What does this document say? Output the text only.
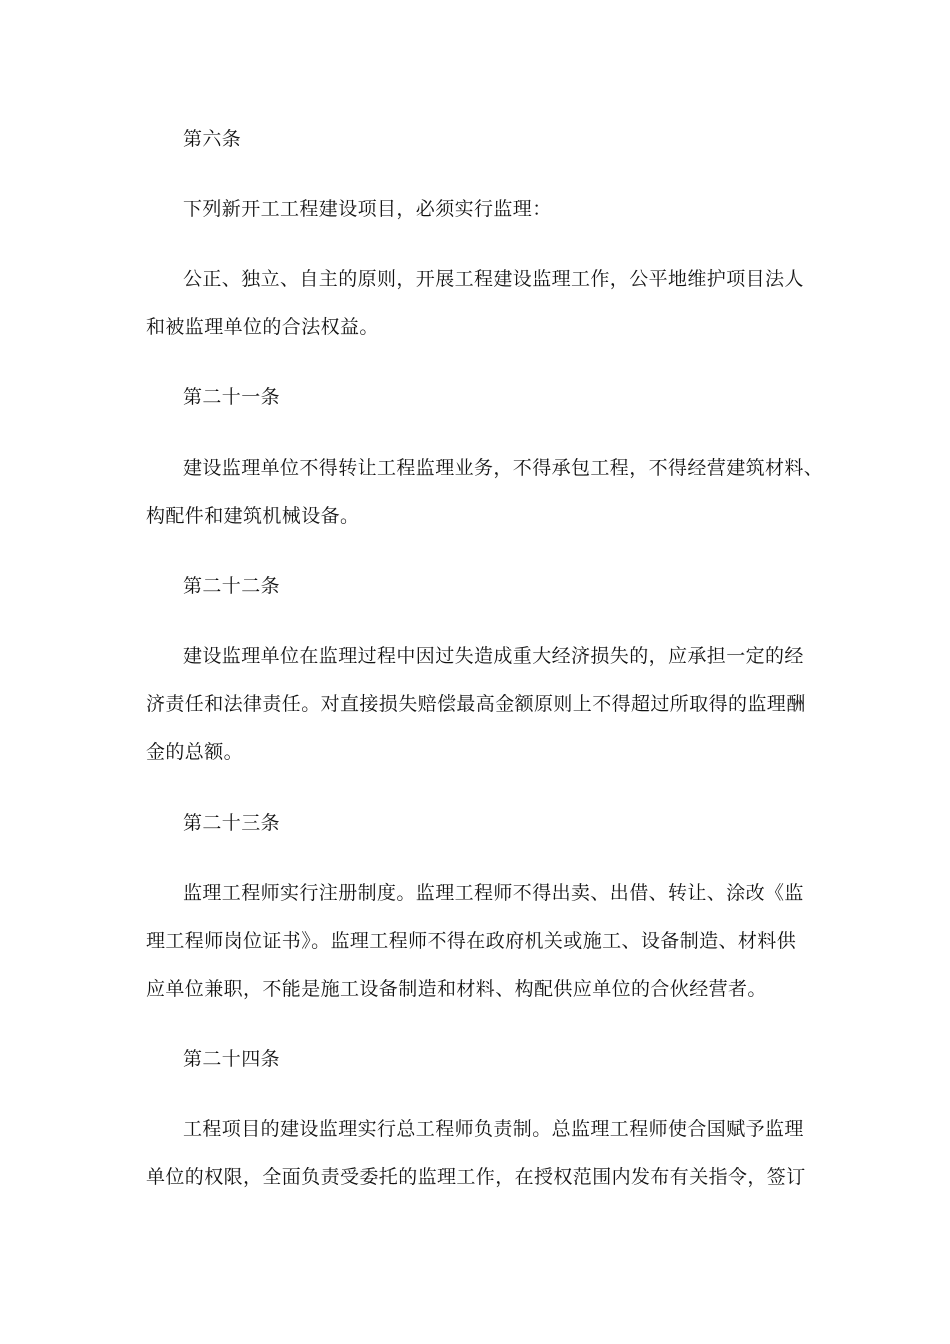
第六条
下列新开工工程建设项目，必须实行监理：
公正、独立、自主的原则，开展工程建设监理工作，公平地维护项目法人
和被监理单位的合法权益。
第二十一条
建设监理单位不得转让工程监理业务，不得承包工程，不得经营建筑材料、
构配件和建筑机械设备。
第二十二条
建设监理单位在监理过程中因过失造成重大经济损失的，应承担一定的经
济责任和法律责任。对直接损失赔偿最高金额原则上不得超过所取得的监理酬
金的总额。
第二十三条
监理工程师实行注册制度。监理工程师不得出卖、出借、转让、涂改《监
理工程师岗位证书》。监理工程师不得在政府机关或施工、设备制造、材料供
应单位兼职，不能是施工设备制造和材料、构配供应单位的合伙经营者。
第二十四条
工程项目的建设监理实行总工程师负责制。总监理工程师使合国赋予监理
单位的权限，全面负责受委托的监理工作，在授权范围内发布有关指令，签订
